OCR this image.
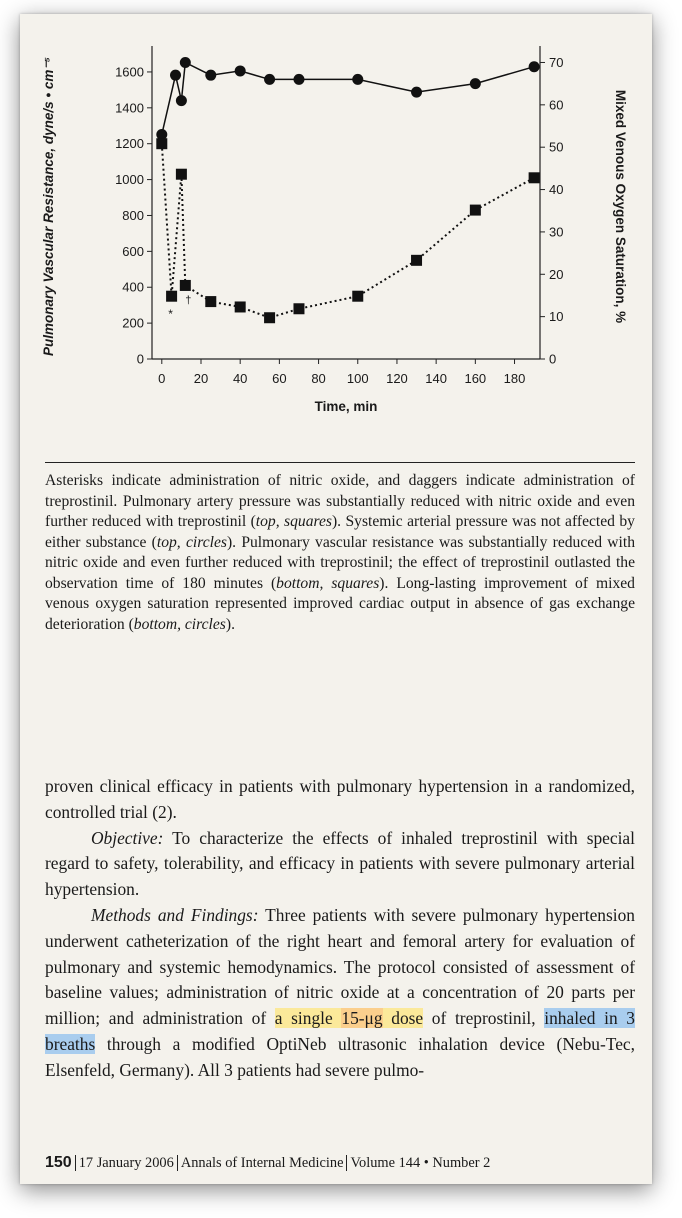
0 20 40 60 80 100 120 140 160 180
0
200
400
600
800
1000
1200
1400
1600
0
10
20
30
40
50
60
70
Time, min
Pulmonary Vascular Resistance, dyne/s • cm⁻⁵	Mixed Venous Oxygen Saturation, %
*
†
Asterisks indicate administration of nitric oxide, and daggers indicate administration of treprostinil. Pulmonary artery pressure was substantially reduced with nitric oxide and even further reduced with treprostinil (top, squares). Systemic arterial pressure was not affected by either substance (top, circles). Pulmonary vascular resistance was substantially reduced with nitric oxide and even further reduced with treprostinil; the effect of treprostinil outlasted the observation time of 180 minutes (bottom, squares). Long-lasting improvement of mixed venous oxygen saturation represented improved cardiac output in absence of gas exchange deterioration (bottom, circles).

proven clinical efficacy in patients with pulmonary hypertension in a randomized, controlled trial (2).

Objective: To characterize the effects of inhaled treprostinil with special regard to safety, tolerability, and efficacy in patients with severe pulmonary arterial hypertension.

Methods and Findings: Three patients with severe pulmonary hypertension underwent catheterization of the right heart and femoral artery for evaluation of pulmonary and systemic hemodynamics. The protocol consisted of assessment of baseline values; administration of nitric oxide at a concentration of 20 parts per million; and administration of a single 15-μg dose of treprostinil, inhaled in 3 breaths through a modified OptiNeb ultrasonic inhalation device (Nebu-Tec, Elsenfeld, Germany). All 3 patients had severe pulmo-

150 17 January 2006 Annals of Internal Medicine Volume 144 • Number 2
